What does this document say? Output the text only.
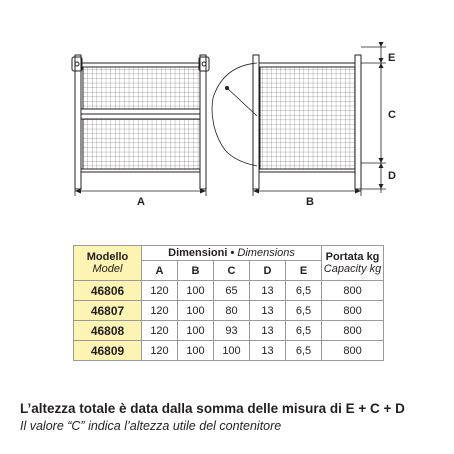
A	B
E
C
D
Modello
Model	Dimensioni • Dimensions					Portata kg
Capacity kg

	A	B	C	D	E	
46806	120	100	65	13	6,5	800
46807	120	100	80	13	6,5	800
46808	120	100	93	13	6,5	800
46809	120	100	100	13	6,5	800
L’altezza totale è data dalla somma delle misura di E + C + D
Il valore “C” indica l’altezza utile del contenitore
